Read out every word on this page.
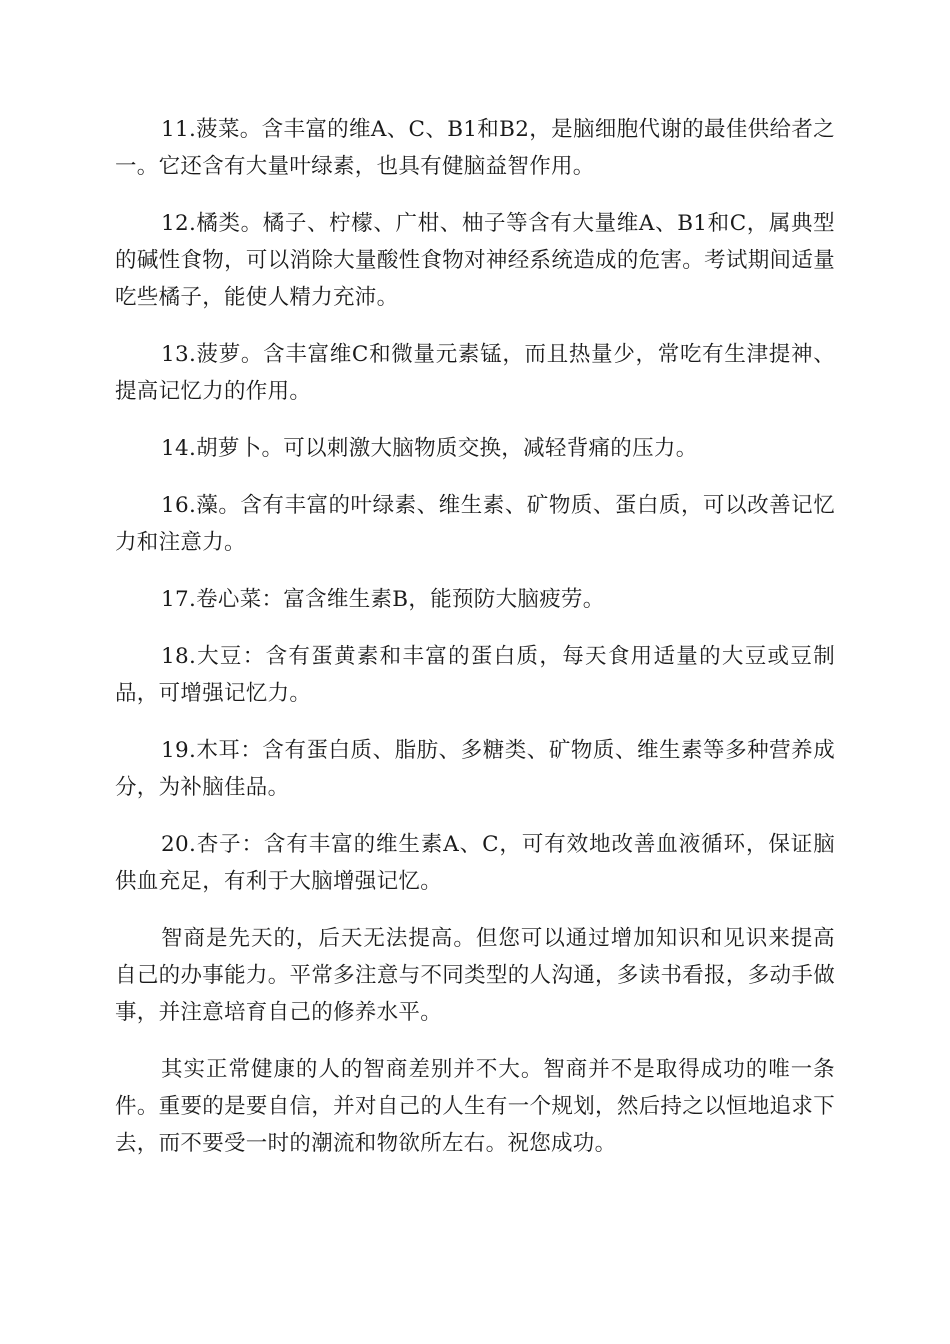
11.菠菜。含丰富的维A、C、B1和B2，是脑细胞代谢的最佳供给者之一。它还含有大量叶绿素，也具有健脑益智作用。

12.橘类。橘子、柠檬、广柑、柚子等含有大量维A、B1和C，属典型的碱性食物，可以消除大量酸性食物对神经系统造成的危害。考试期间适量吃些橘子，能使人精力充沛。

13.菠萝。含丰富维C和微量元素锰，而且热量少，常吃有生津提神、提高记忆力的作用。

14.胡萝卜。可以刺激大脑物质交换，减轻背痛的压力。

16.藻。含有丰富的叶绿素、维生素、矿物质、蛋白质，可以改善记忆力和注意力。

17.卷心菜：富含维生素B，能预防大脑疲劳。

18.大豆：含有蛋黄素和丰富的蛋白质，每天食用适量的大豆或豆制品，可增强记忆力。

19.木耳：含有蛋白质、脂肪、多糖类、矿物质、维生素等多种营养成分，为补脑佳品。

20.杏子：含有丰富的维生素A、C，可有效地改善血液循环，保证脑供血充足，有利于大脑增强记忆。

智商是先天的，后天无法提高。但您可以通过增加知识和见识来提高自己的办事能力。平常多注意与不同类型的人沟通，多读书看报，多动手做事，并注意培育自己的修养水平。

其实正常健康的人的智商差别并不大。智商并不是取得成功的唯一条件。重要的是要自信，并对自己的人生有一个规划，然后持之以恒地追求下去，而不要受一时的潮流和物欲所左右。祝您成功。
